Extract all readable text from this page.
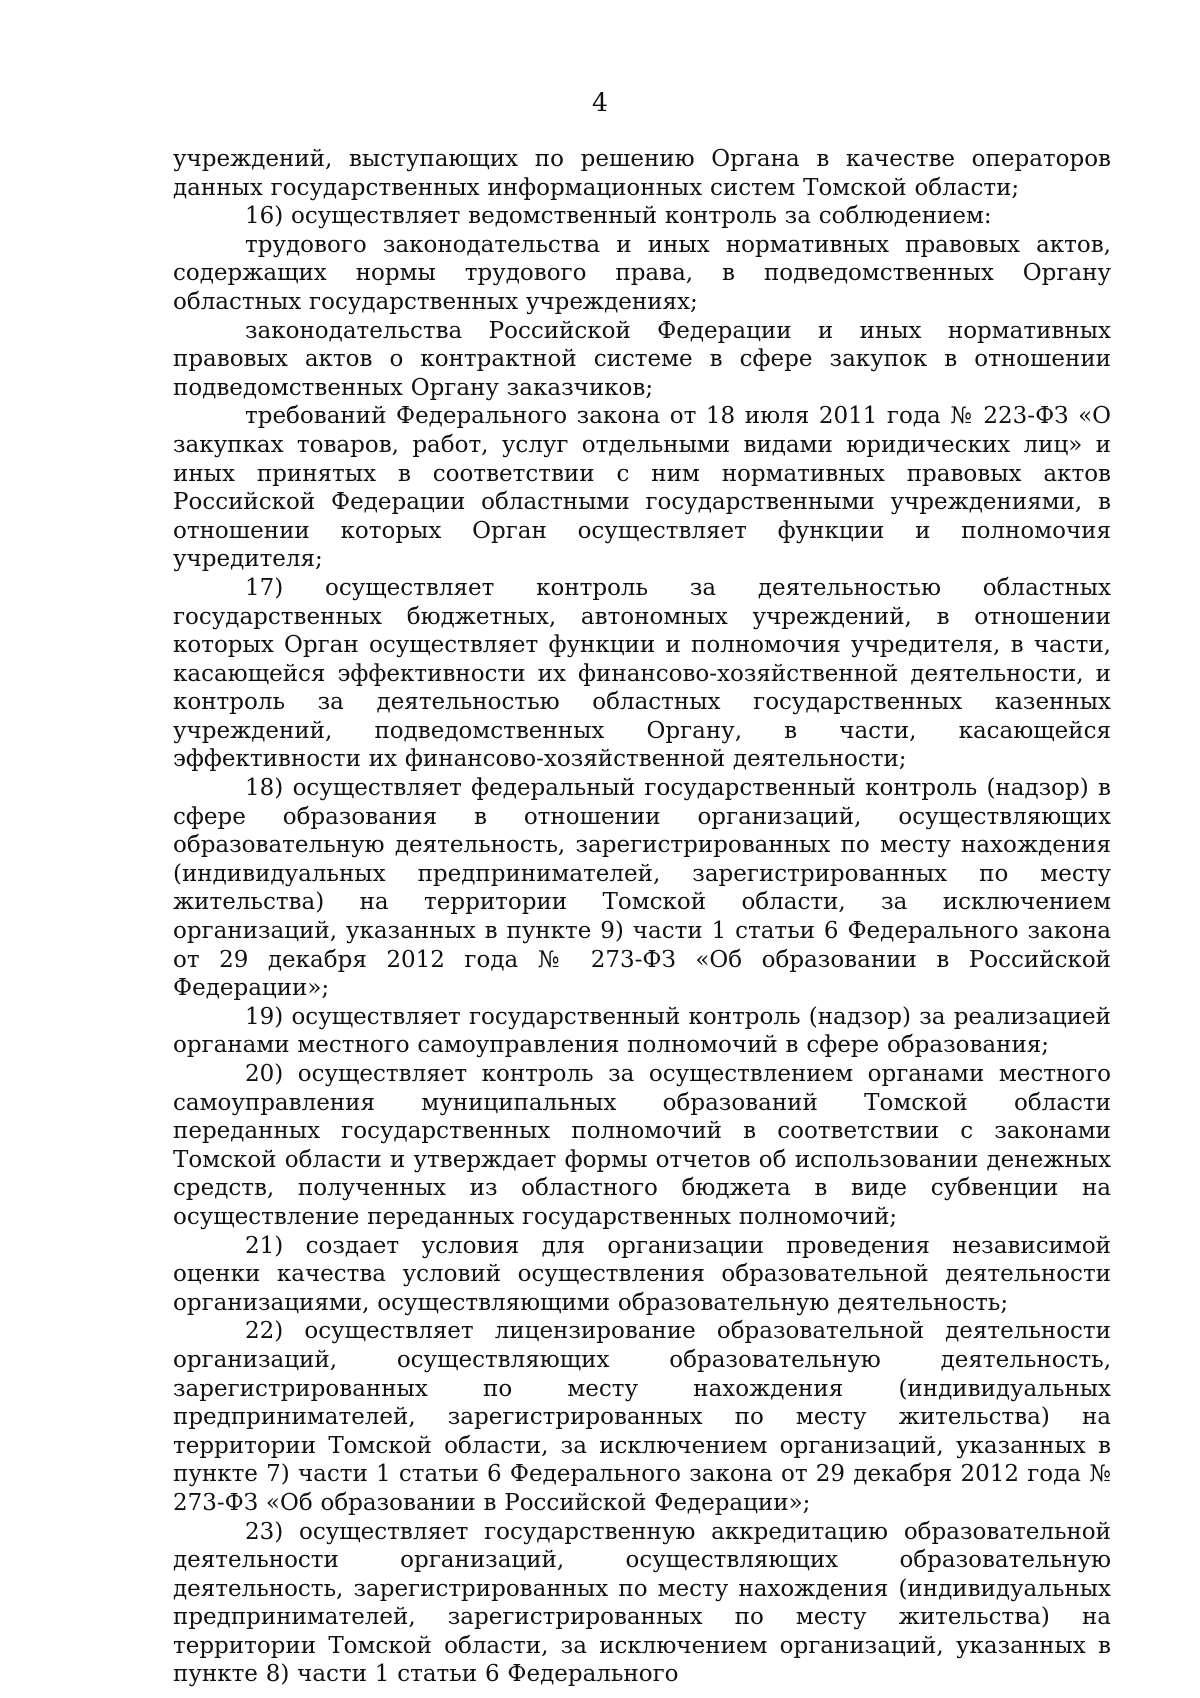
4

учреждений, выступающих по решению Органа в качестве операторов данных государственных информационных систем Томской области;

16) осуществляет ведомственный контроль за соблюдением:

трудового законодательства и иных нормативных правовых актов, содержащих нормы трудового права, в подведомственных Органу областных государственных учреждениях;

законодательства Российской Федерации и иных нормативных правовых актов о контрактной системе в сфере закупок в отношении подведомственных Органу заказчиков;

требований Федерального закона от 18 июля 2011 года № 223-ФЗ «О закупках товаров, работ, услуг отдельными видами юридических лиц» и иных принятых в соответствии с ним нормативных правовых актов Российской Федерации областными государственными учреждениями, в отношении которых Орган осуществляет функции и полномочия учредителя;

17) осуществляет контроль за деятельностью областных государственных бюджетных, автономных учреждений, в отношении которых Орган осуществляет функции и полномочия учредителя, в части, касающейся эффективности их финансово-хозяйственной деятельности, и контроль за деятельностью областных государственных казенных учреждений, подведомственных Органу, в части, касающейся эффективности их финансово-хозяйственной деятельности;

18) осуществляет федеральный государственный контроль (надзор) в сфере образования в отношении организаций, осуществляющих образовательную деятельность, зарегистрированных по месту нахождения (индивидуальных предпринимателей, зарегистрированных по месту жительства) на территории Томской области, за исключением организаций, указанных в пункте 9) части 1 статьи 6 Федерального закона от 29 декабря 2012 года № 273-ФЗ «Об образовании в Российской Федерации»;

19) осуществляет государственный контроль (надзор) за реализацией органами местного самоуправления полномочий в сфере образования;

20) осуществляет контроль за осуществлением органами местного самоуправления муниципальных образований Томской области переданных государственных полномочий в соответствии с законами Томской области и утверждает формы отчетов об использовании денежных средств, полученных из областного бюджета в виде субвенции на осуществление переданных государственных полномочий;

21) создает условия для организации проведения независимой оценки качества условий осуществления образовательной деятельности организациями, осуществляющими образовательную деятельность;

22) осуществляет лицензирование образовательной деятельности организаций, осуществляющих образовательную деятельность, зарегистрированных по месту нахождения (индивидуальных предпринимателей, зарегистрированных по месту жительства) на территории Томской области, за исключением организаций, указанных в пункте 7) части 1 статьи 6 Федерального закона от 29 декабря 2012 года № 273-ФЗ «Об образовании в Российской Федерации»;

23) осуществляет государственную аккредитацию образовательной деятельности организаций, осуществляющих образовательную деятельность, зарегистрированных по месту нахождения (индивидуальных предпринимателей, зарегистрированных по месту жительства) на территории Томской области, за исключением организаций, указанных в пункте 8) части 1 статьи 6 Федерального
